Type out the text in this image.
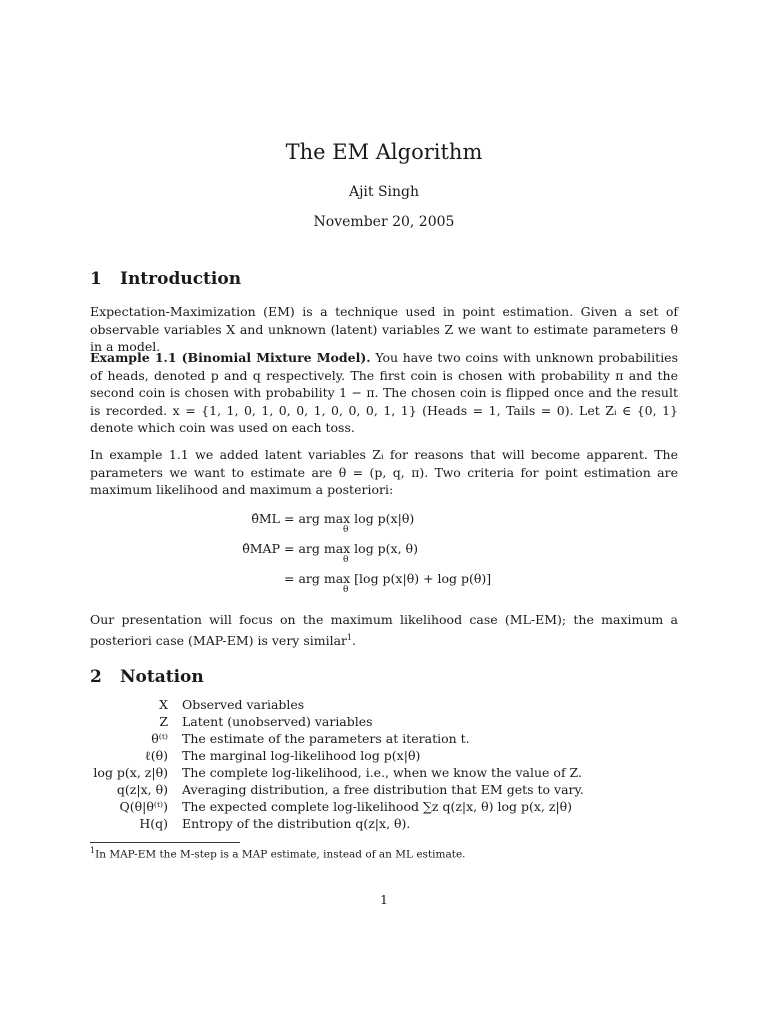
The EM Algorithm
Ajit Singh
November 20, 2005
1 Introduction
Expectation-Maximization (EM) is a technique used in point estimation. Given a set of observable variables X and unknown (latent) variables Z we want to estimate parameters θ in a model.
Example 1.1 (Binomial Mixture Model). You have two coins with unknown probabilities of heads, denoted p and q respectively. The first coin is chosen with probability π and the second coin is chosen with probability 1 − π. The chosen coin is flipped once and the result is recorded. x = {1, 1, 0, 1, 0, 0, 1, 0, 0, 0, 1, 1} (Heads = 1, Tails = 0). Let Zᵢ ∈ {0, 1} denote which coin was used on each toss.
In example 1.1 we added latent variables Zᵢ for reasons that will become apparent. The parameters we want to estimate are θ = (p, q, π). Two criteria for point estimation are maximum likelihood and maximum a posteriori:
θ̂ML = arg max log p(x|θ)
θ
θ̂MAP = arg max log p(x, θ)
θ
= arg max [log p(x|θ) + log p(θ)]
θ
Our presentation will focus on the maximum likelihood case (ML-EM); the maximum a posteriori case (MAP-EM) is very similar$^1$.
2 Notation
X Observed variables
Z Latent (unobserved) variables
θ⁽ᵗ⁾ The estimate of the parameters at iteration t.
ℓ(θ) The marginal log-likelihood log p(x|θ)
log p(x, z|θ) The complete log-likelihood, i.e., when we know the value of Z.
q(z|x, θ) Averaging distribution, a free distribution that EM gets to vary.
Q(θ|θ⁽ᵗ⁾) The expected complete log-likelihood ∑z q(z|x, θ) log p(x, z|θ)
H(q) Entropy of the distribution q(z|x, θ).
$^1$In MAP-EM the M-step is a MAP estimate, instead of an ML estimate.
1
